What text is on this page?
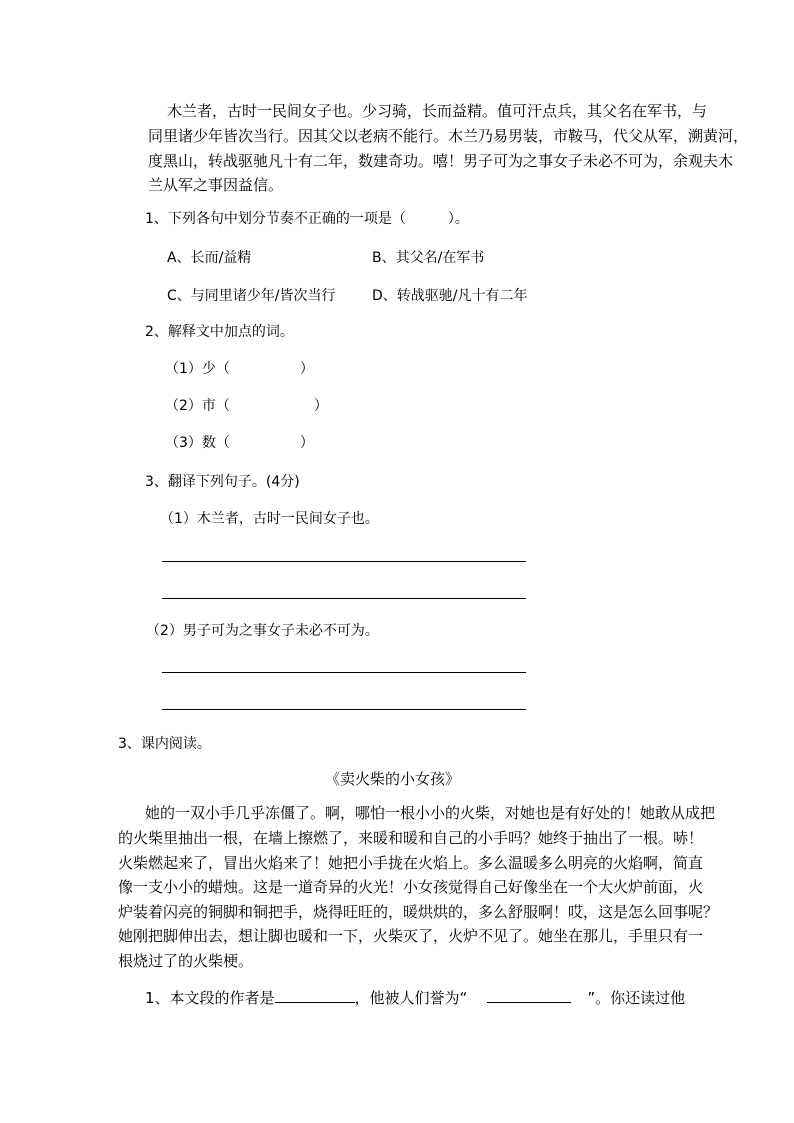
木兰者，古时一民间女子也。少习骑，长而益精。值可汗点兵，其父名在军书，与
同里诸少年皆次当行。因其父以老病不能行。木兰乃易男装，市鞍马，代父从军，溯黄河，
度黑山，转战驱驰凡十有二年，数建奇功。嘻！男子可为之事女子未必不可为，余观夫木
兰从军之事因益信。
1、下列各句中划分节奏不正确的一项是（　　　）。
A、长而/益精	B、其父名/在军书
C、与同里诸少年/皆次当行	D、转战驱驰/凡十有二年
2、解释文中加点的词。
（1）少（　　　　　）
（2）市（　　　　　　）
（3）数（　　　　　）
3、翻译下列句子。(4分)
（1）木兰者，古时一民间女子也。
（2）男子可为之事女子未必不可为。
3、课内阅读。
《卖火柴的小女孩》
她的一双小手几乎冻僵了。啊，哪怕一根小小的火柴，对她也是有好处的！她敢从成把
的火柴里抽出一根，在墙上擦燃了，来暖和暖和自己的小手吗？她终于抽出了一根。哧！
火柴燃起来了，冒出火焰来了！她把小手拢在火焰上。多么温暖多么明亮的火焰啊，简直
像一支小小的蜡烛。这是一道奇异的火光！小女孩觉得自己好像坐在一个大火炉前面，火
炉装着闪亮的铜脚和铜把手，烧得旺旺的，暖烘烘的，多么舒服啊！哎，这是怎么回事呢？
她刚把脚伸出去，想让脚也暖和一下，火柴灭了，火炉不见了。她坐在那儿，手里只有一
根烧过了的火柴梗。
1、本文段的作者是	，他被人们誉为“	”。你还读过他
